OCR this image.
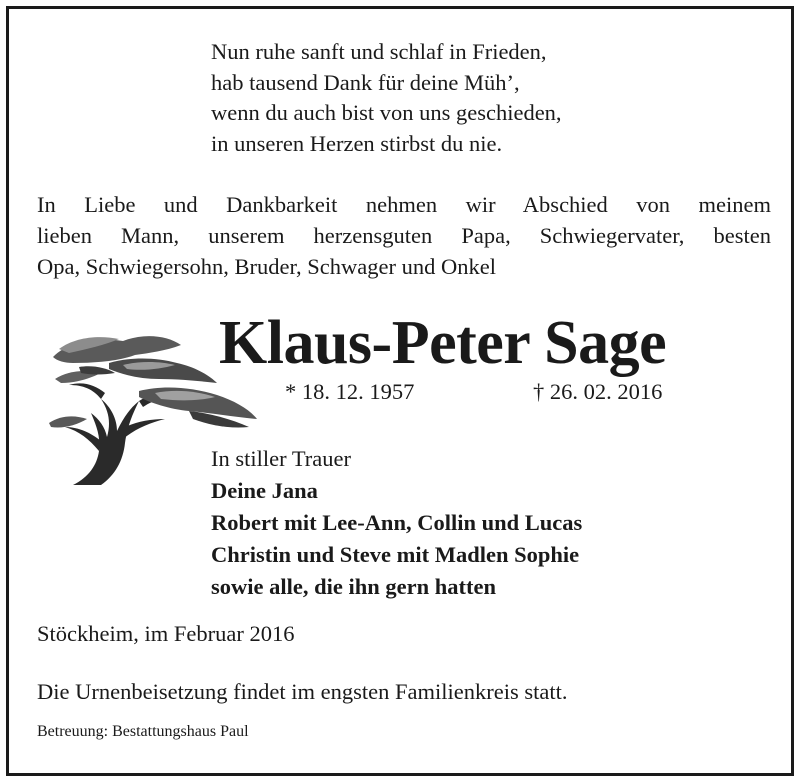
Nun ruhe sanft und schlaf in Frieden,
hab tausend Dank für deine Müh’,
wenn du auch bist von uns geschieden,
in unseren Herzen stirbst du nie.
In Liebe und Dankbarkeit nehmen wir Abschied von meinem
lieben Mann, unserem herzensguten Papa, Schwiegervater, besten
Opa, Schwiegersohn, Bruder, Schwager und Onkel
Klaus-Peter Sage
* 18. 12. 1957	† 26. 02. 2016
In stiller Trauer
Deine Jana
Robert mit Lee-Ann, Collin und Lucas
Christin und Steve mit Madlen Sophie
sowie alle, die ihn gern hatten
Stöckheim, im Februar 2016
Die Urnenbeisetzung findet im engsten Familienkreis statt.
Betreuung: Bestattungshaus Paul
